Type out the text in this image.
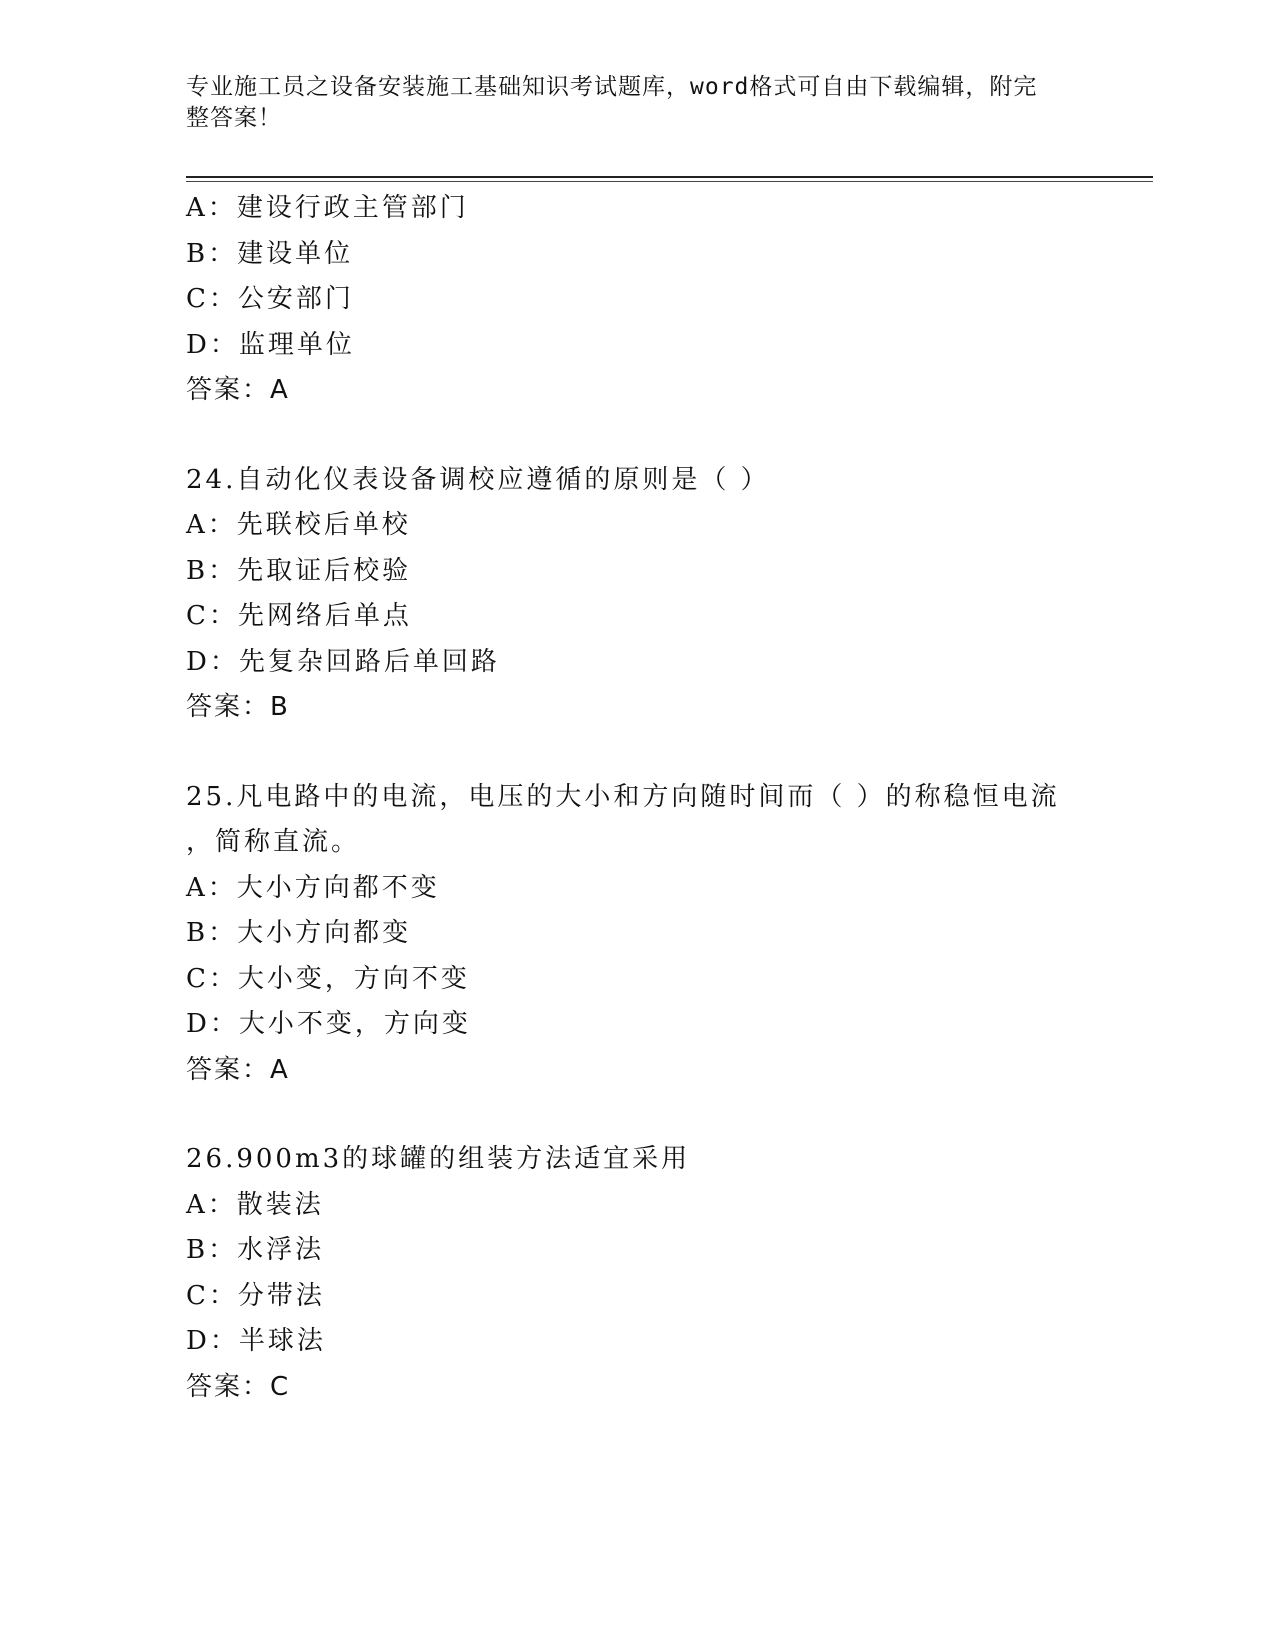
专业施工员之设备安装施工基础知识考试题库，word格式可自由下载编辑，附完
整答案！
A：建设行政主管部门
B：建设单位
C：公安部门
D：监理单位
答案：A
24.自动化仪表设备调校应遵循的原则是（ ）
A：先联校后单校
B：先取证后校验
C：先网络后单点
D：先复杂回路后单回路
答案：B
25.凡电路中的电流，电压的大小和方向随时间而（ ）的称稳恒电流
，简称直流。
A：大小方向都不变
B：大小方向都变
C：大小变，方向不变
D：大小不变，方向变
答案：A
26.900m3的球罐的组装方法适宜采用
A：散装法
B：水浮法
C：分带法
D：半球法
答案：C
